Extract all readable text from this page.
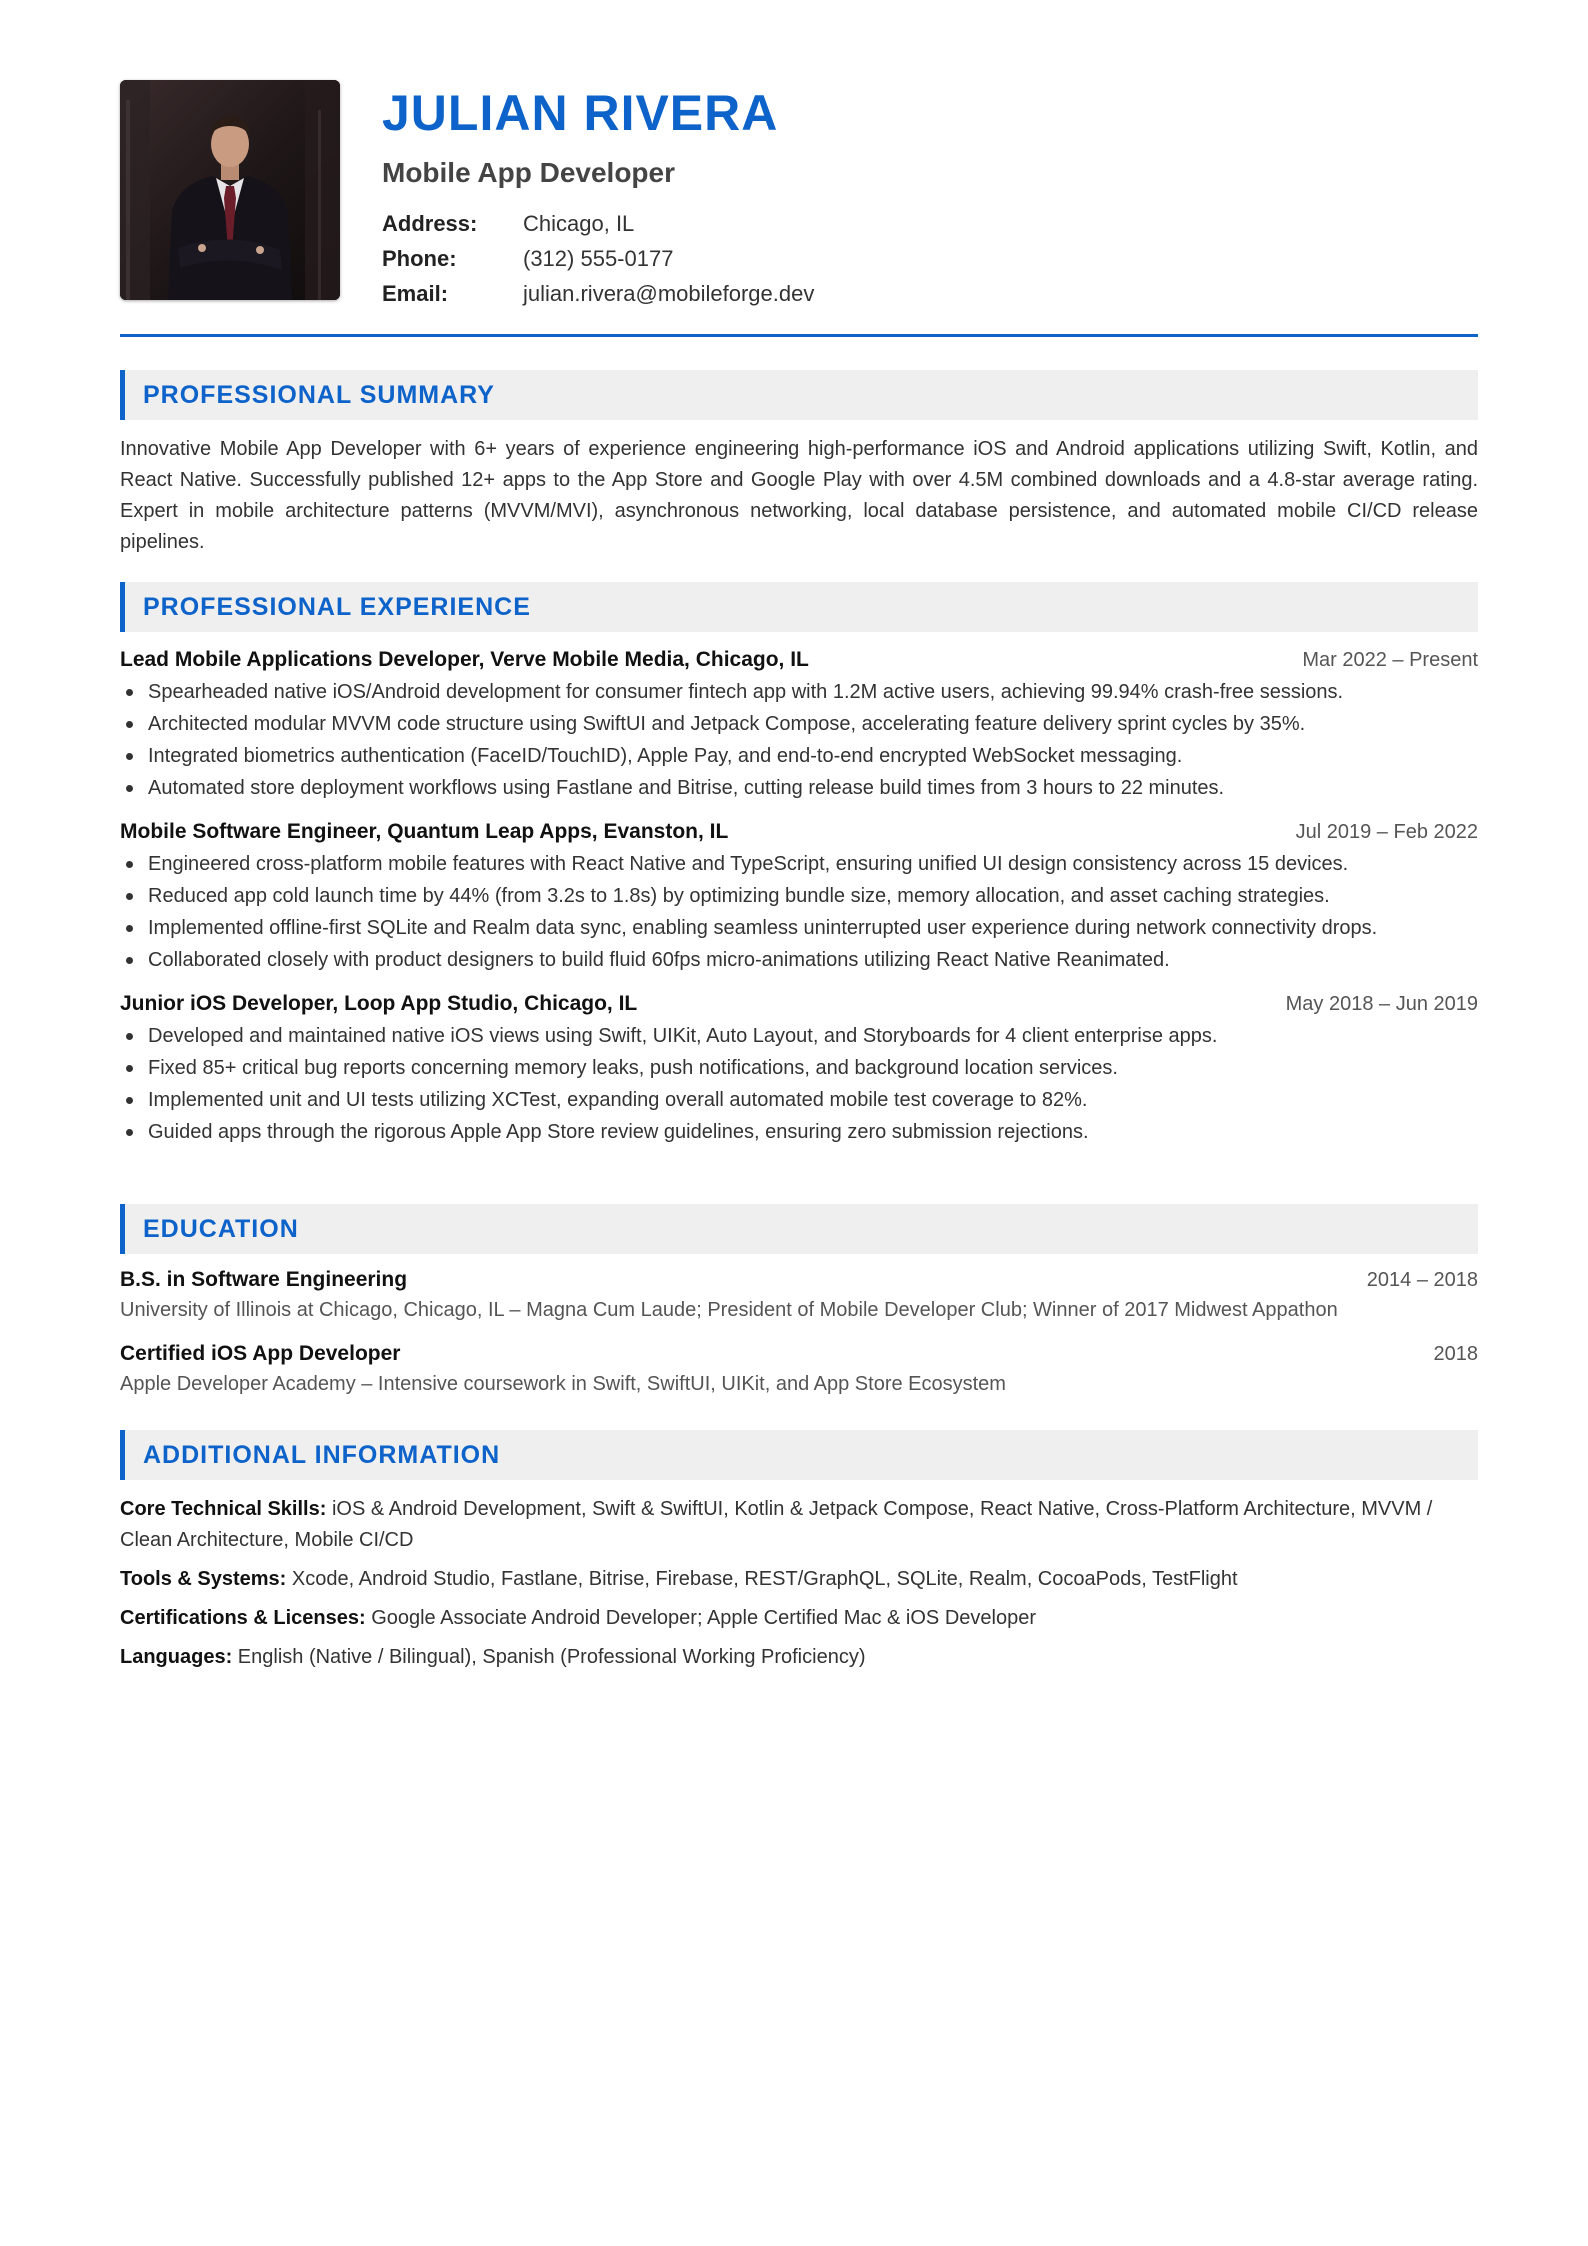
JULIAN RIVERA
Mobile App Developer
Address:	Chicago, IL
Phone:	(312) 555-0177
Email:	julian.rivera@mobileforge.dev
PROFESSIONAL SUMMARY
Innovative Mobile App Developer with 6+ years of experience engineering high-performance iOS and Android applications utilizing Swift, Kotlin, and React Native. Successfully published 12+ apps to the App Store and Google Play with over 4.5M combined downloads and a 4.8-star average rating. Expert in mobile architecture patterns (MVVM/MVI), asynchronous networking, local database persistence, and automated mobile CI/CD release pipelines.
PROFESSIONAL EXPERIENCE
Lead Mobile Applications Developer, Verve Mobile Media, Chicago, IL	Mar 2022 – Present
Spearheaded native iOS/Android development for consumer fintech app with 1.2M active users, achieving 99.94% crash-free sessions.
Architected modular MVVM code structure using SwiftUI and Jetpack Compose, accelerating feature delivery sprint cycles by 35%.
Integrated biometrics authentication (FaceID/TouchID), Apple Pay, and end-to-end encrypted WebSocket messaging.
Automated store deployment workflows using Fastlane and Bitrise, cutting release build times from 3 hours to 22 minutes.
Mobile Software Engineer, Quantum Leap Apps, Evanston, IL	Jul 2019 – Feb 2022
Engineered cross-platform mobile features with React Native and TypeScript, ensuring unified UI design consistency across 15 devices.
Reduced app cold launch time by 44% (from 3.2s to 1.8s) by optimizing bundle size, memory allocation, and asset caching strategies.
Implemented offline-first SQLite and Realm data sync, enabling seamless uninterrupted user experience during network connectivity drops.
Collaborated closely with product designers to build fluid 60fps micro-animations utilizing React Native Reanimated.
Junior iOS Developer, Loop App Studio, Chicago, IL	May 2018 – Jun 2019
Developed and maintained native iOS views using Swift, UIKit, Auto Layout, and Storyboards for 4 client enterprise apps.
Fixed 85+ critical bug reports concerning memory leaks, push notifications, and background location services.
Implemented unit and UI tests utilizing XCTest, expanding overall automated mobile test coverage to 82%.
Guided apps through the rigorous Apple App Store review guidelines, ensuring zero submission rejections.
EDUCATION
B.S. in Software Engineering	2014 – 2018
University of Illinois at Chicago, Chicago, IL – Magna Cum Laude; President of Mobile Developer Club; Winner of 2017 Midwest Appathon
Certified iOS App Developer	2018
Apple Developer Academy – Intensive coursework in Swift, SwiftUI, UIKit, and App Store Ecosystem
ADDITIONAL INFORMATION
Core Technical Skills: iOS & Android Development, Swift & SwiftUI, Kotlin & Jetpack Compose, React Native, Cross-Platform Architecture, MVVM / Clean Architecture, Mobile CI/CD
Tools & Systems: Xcode, Android Studio, Fastlane, Bitrise, Firebase, REST/GraphQL, SQLite, Realm, CocoaPods, TestFlight
Certifications & Licenses: Google Associate Android Developer; Apple Certified Mac & iOS Developer
Languages: English (Native / Bilingual), Spanish (Professional Working Proficiency)
